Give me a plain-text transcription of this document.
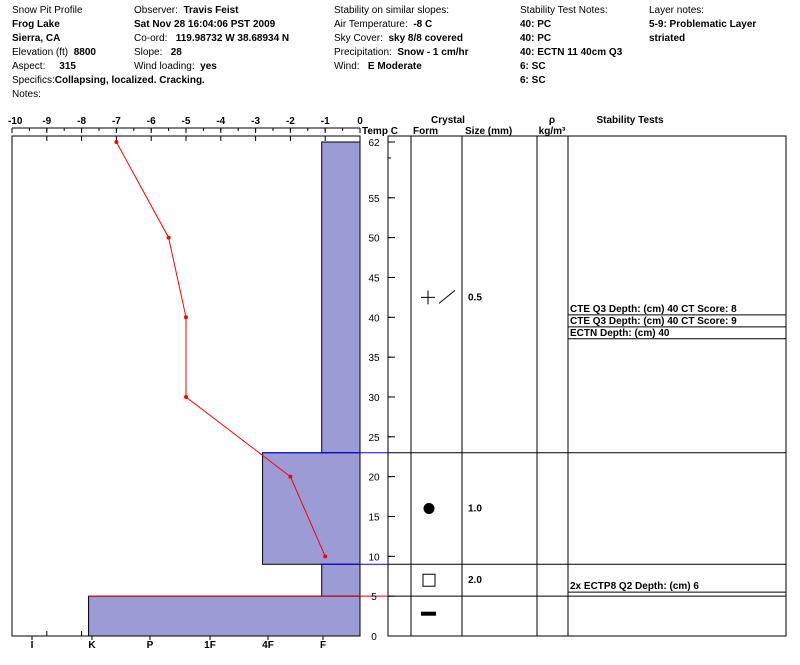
Snow Pit Profile
Frog Lake
Sierra, CA
Elevation (ft) 8800
Aspect: 315
Specifics:Collapsing, localized. Cracking.
Notes:
Observer: Travis Feist
Sat Nov 28 16:04:06 PST 2009
Co-ord: 119.98732 W 38.68934 N
Slope: 28
Wind loading: yes
Stability on similar slopes:
Air Temperature: -8 C
Sky Cover: sky 8/8 covered
Precipitation: Snow - 1 cm/hr
Wind: E Moderate
Stability Test Notes:
40: PC
40: PC
40: ECTN 11 40cm Q3
6: SC
6: SC
Layer notes:
5-9: Problematic Layer
striated
-10 -9	-8	-7	-6	-5	-4	-3	-2	-1	0
Temp C
62
55
50
45
40
35
30
25
20
15
10
5
0
I	K	P	1F	4F	F
Crystal
Form	Size (mm)
ρ
kg/m³
Stability Tests
0.5
1.0
2.0
CTE Q3 Depth: (cm) 40 CT Score: 8
CTE Q3 Depth: (cm) 40 CT Score: 9
ECTN Depth: (cm) 40
2x ECTP8 Q2 Depth: (cm) 6
